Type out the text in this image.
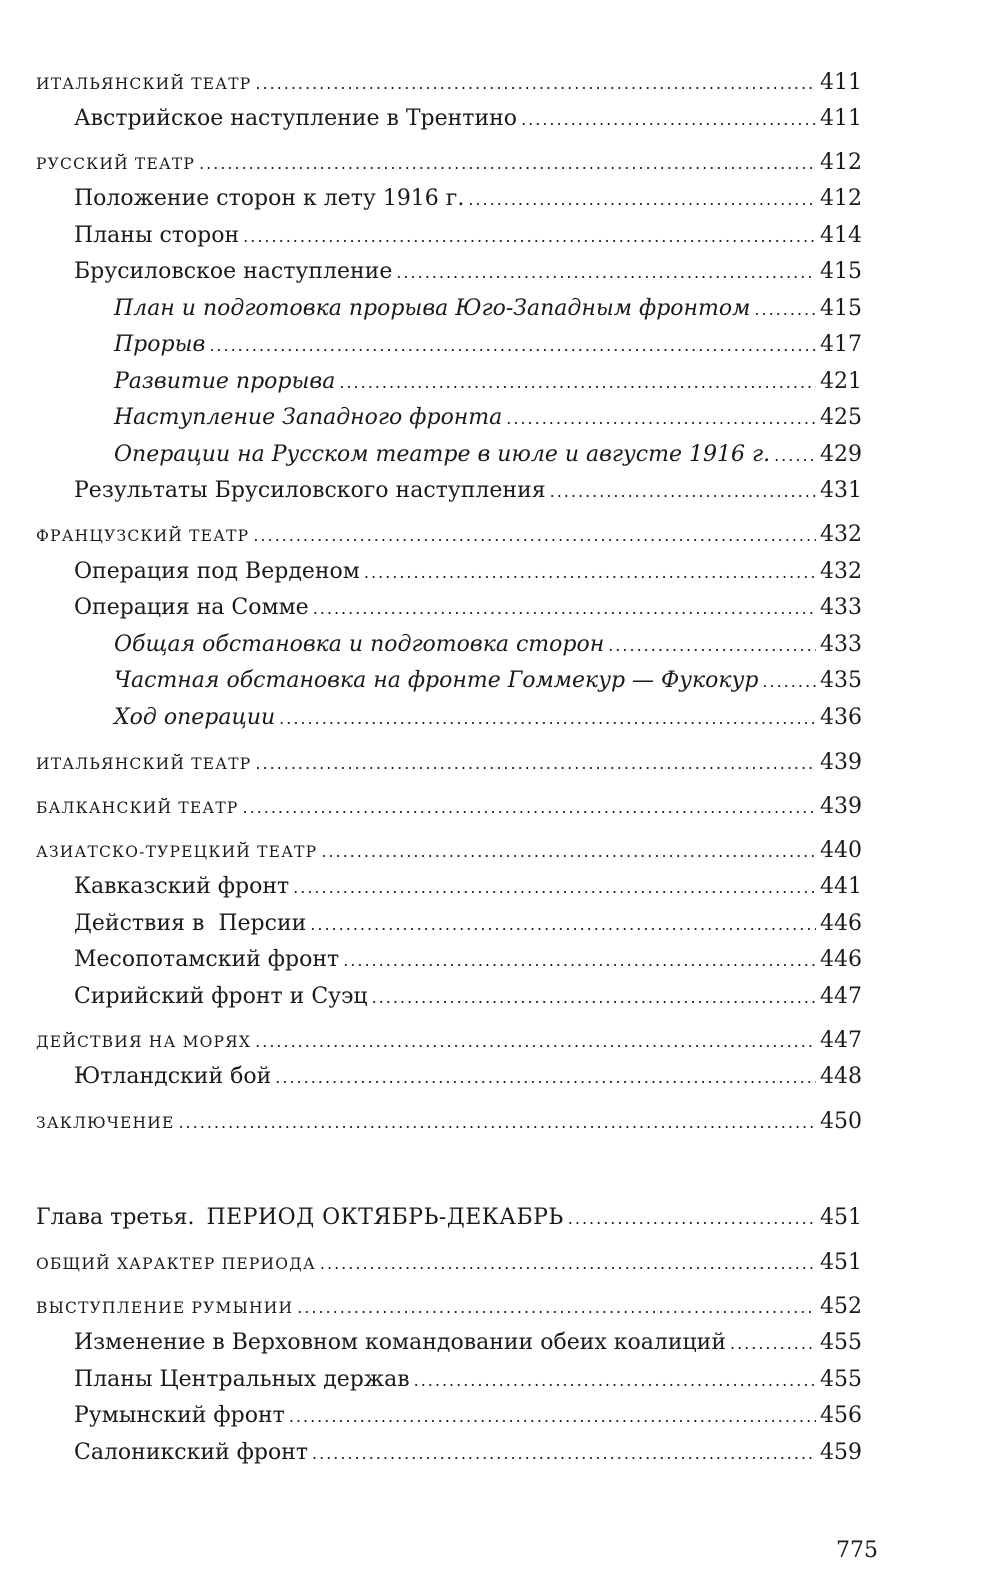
ИТАЛЬЯНСКИЙ ТЕАТР .....	411
Австрийское наступление в Трентино .....	411
РУССКИЙ ТЕАТР .....	412
Положение сторон к лету 1916 г. .....	412
Планы сторон .....	414
Брусиловское наступление .....	415
План и подготовка прорыва Юго-Западным фронтом .....	415
Прорыв .....	417
Развитие прорыва .....	421
Наступление Западного фронта .....	425
Операции на Русском театре в июле и августе 1916 г. ..... 429
Результаты Брусиловского наступления .....	431
ФРАНЦУЗСКИЙ ТЕАТР .....	432
Операция под Верденом .....	432
Операция на Сомме .....	433
Общая обстановка и подготовка сторон .....	433
Частная обстановка на фронте Гоммекур — Фукокур .....	435
Ход операции .....	436
ИТАЛЬЯНСКИЙ ТЕАТР .....	439
БАЛКАНСКИЙ ТЕАТР .....	439
АЗИАТСКО-ТУРЕЦКИЙ ТЕАТР .....	440
Кавказский фронт .....	441
Действия в  Персии .....	446
Месопотамский фронт .....	446
Сирийский фронт и Суэц .....	447
ДЕЙСТВИЯ НА МОРЯХ .....	447
Ютландский бой .....	448
ЗАКЛЮЧЕНИЕ .....	450
Глава третья. ПЕРИОД ОКТЯБРЬ-ДЕКАБРЬ .....	451
ОБЩИЙ ХАРАКТЕР ПЕРИОДА .....	451
ВЫСТУПЛЕНИЕ РУМЫНИИ .....	452
Изменение в Верховном командовании обеих коалиций .....	455
Планы Центральных держав .....	455
Румынский фронт .....	456
Салоникский фронт .....	459
775
